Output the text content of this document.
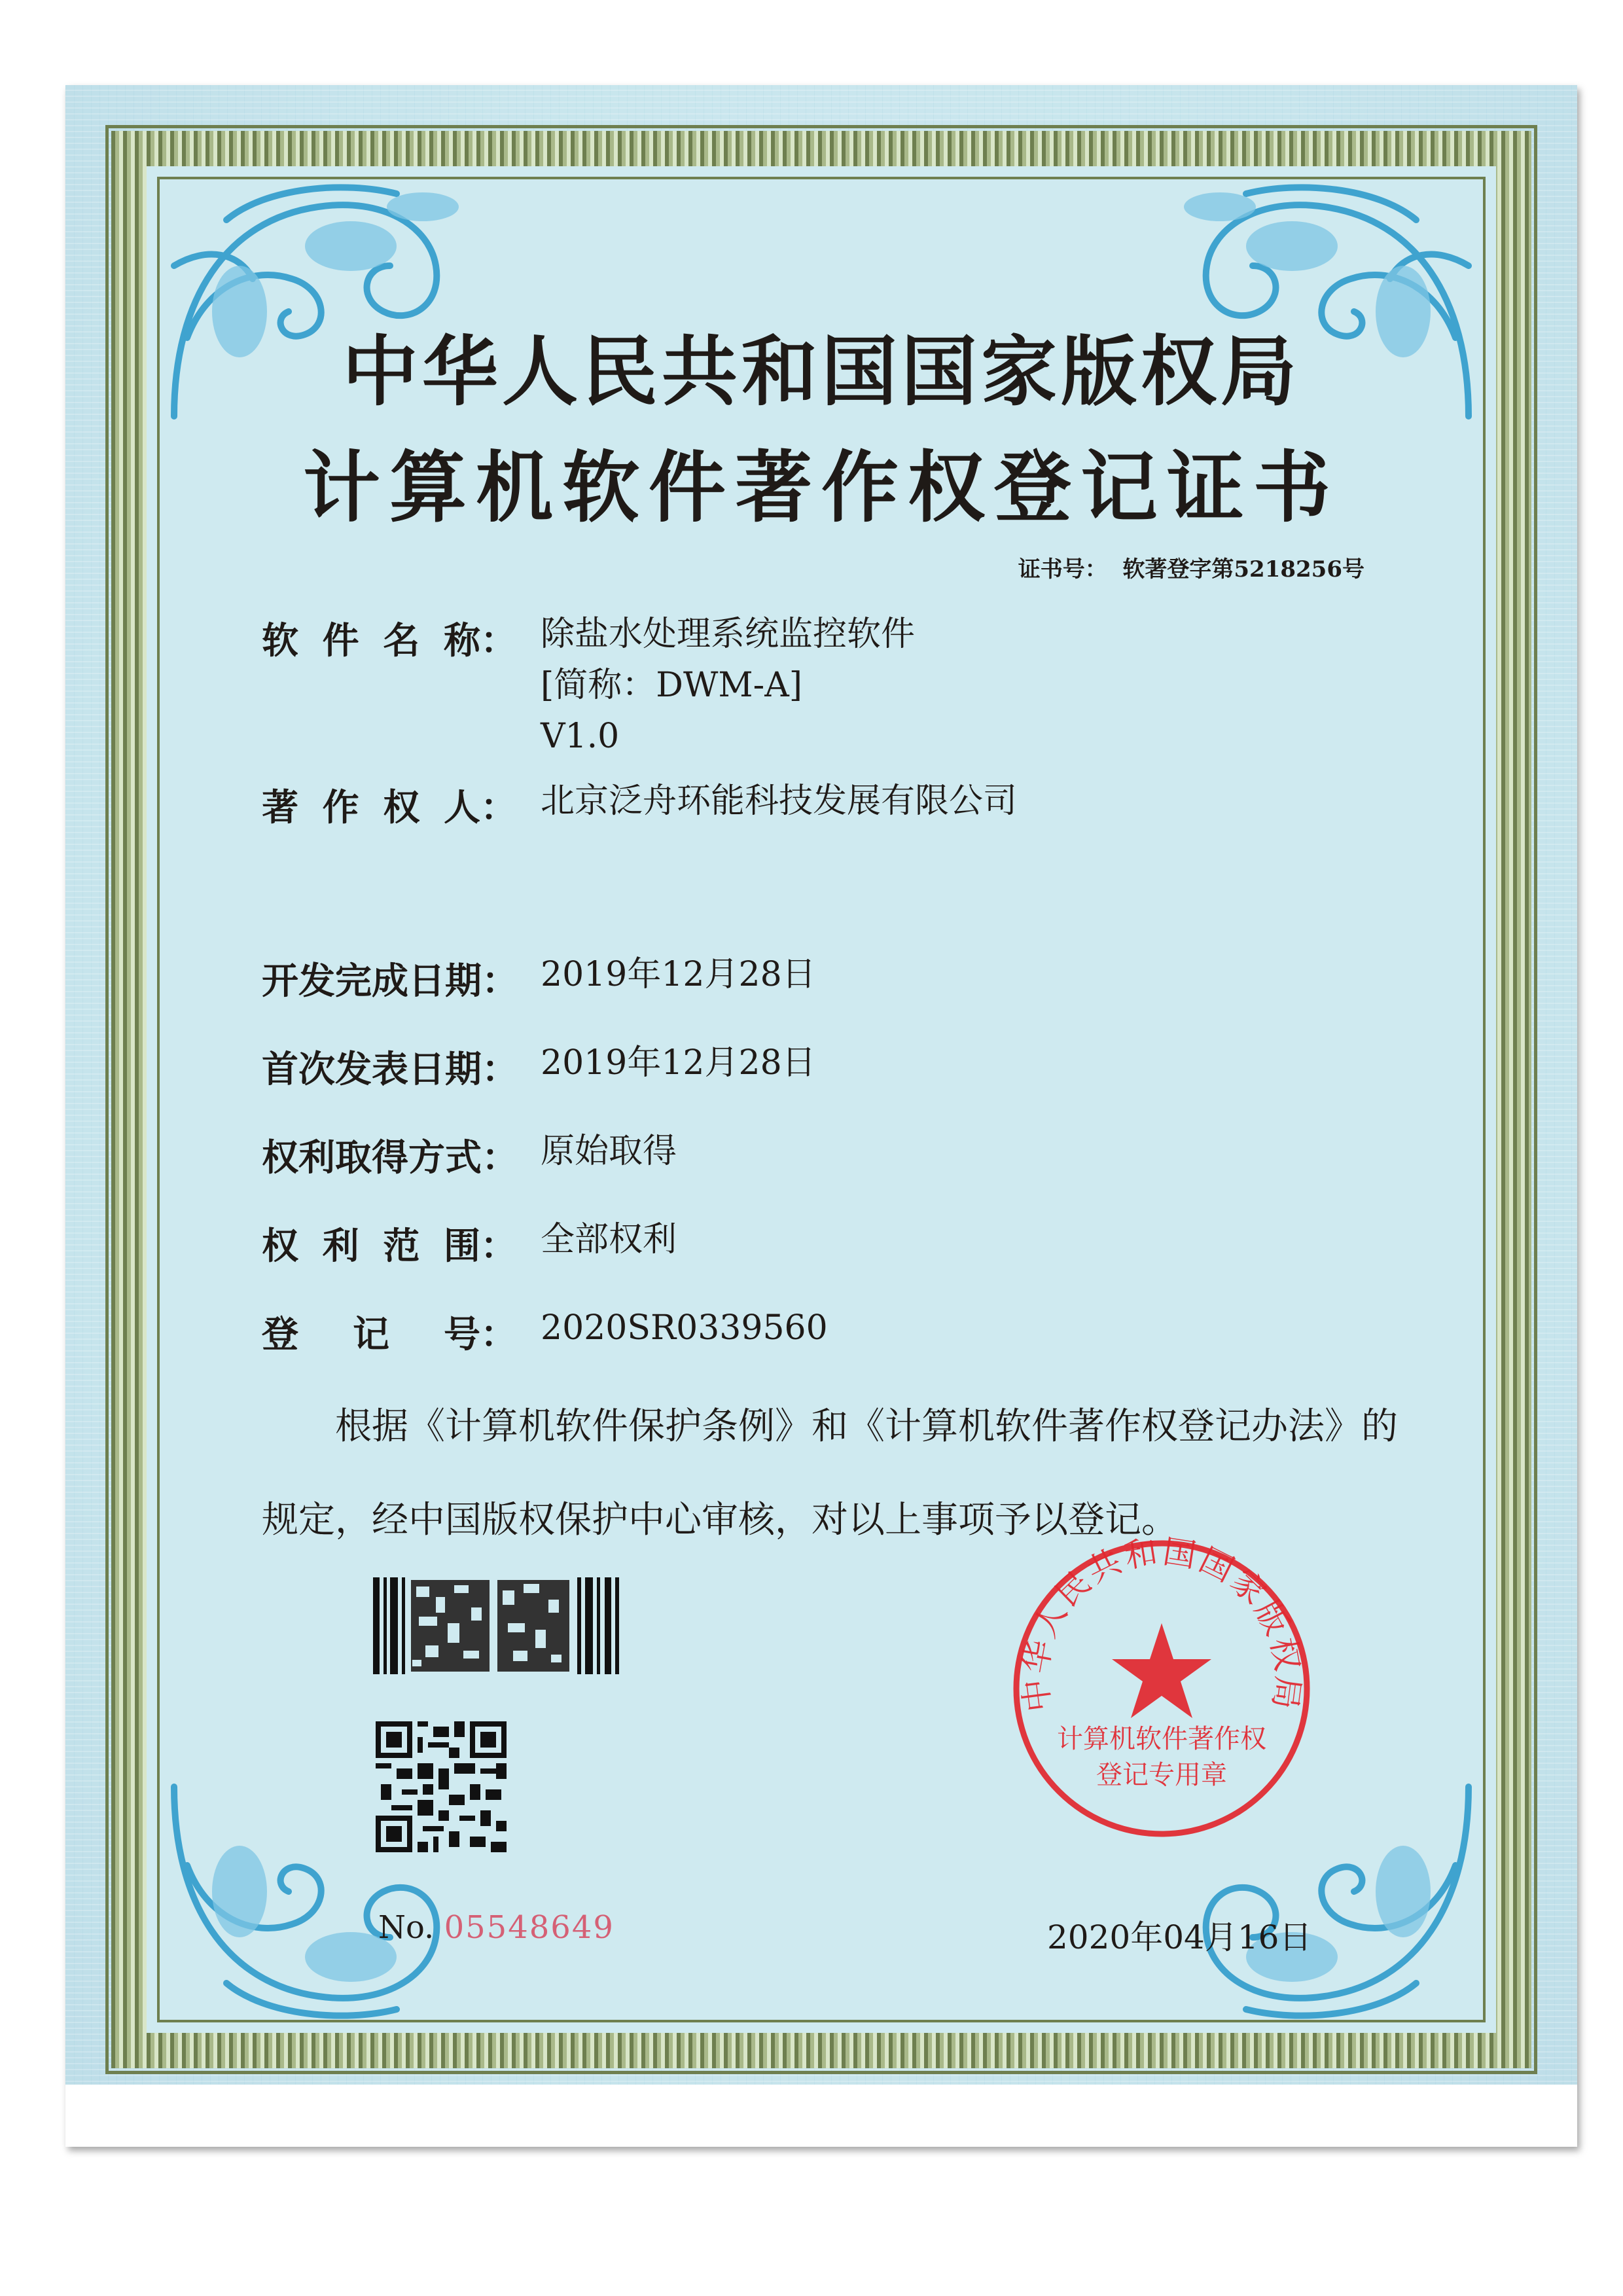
中华人民共和国国家版权局
计算机软件著作权登记证书
证书号： 软著登字第5218256号
软 件 名 称： 除盐水处理系统监控软件
[简称：DWM-A]
V1.0
著 作 权 人： 北京泛舟环能科技发展有限公司
开 发 完 成 日 期： 2019年12月28日
首 次 发 表 日 期： 2019年12月28日
权 利 取 得 方 式： 原始取得
权 利 范 围： 全部权利
登 记 号： 2020SR0339560
根据《计算机软件保护条例》和《计算机软件著作权登记办法》的
规定，经中国版权保护中心审核，对以上事项予以登记。
No. 05548649
中华人民共和国国家版权局
计算机软件著作权
登记专用章
2020年04月16日
